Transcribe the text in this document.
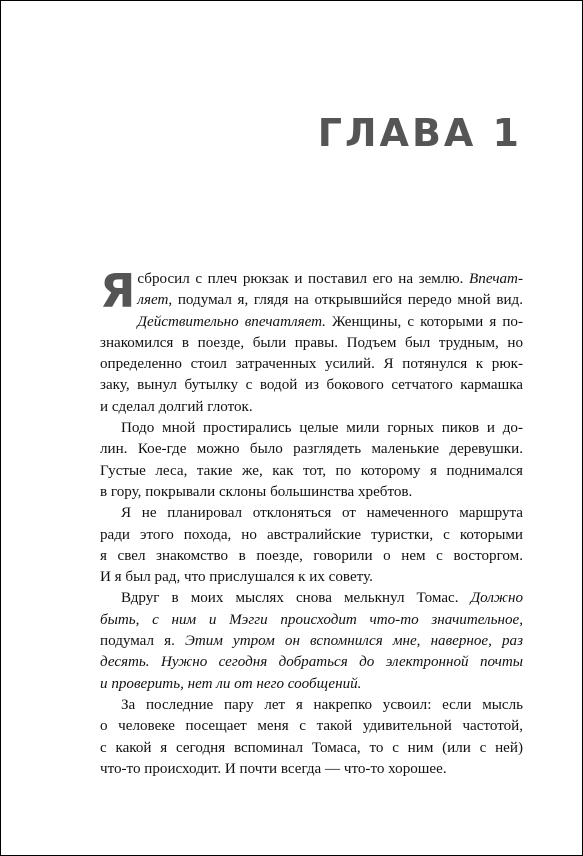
ГЛАВА 1
Я сбросил с плеч рюкзак и поставил его на землю. Впечат-
ляет, подумал я, глядя на открывшийся передо мной вид.
Действительно впечатляет. Женщины, с которыми я по-
знакомился в поезде, были правы. Подъем был трудным, но
определенно стоил затраченных усилий. Я потянулся к рюк-
заку, вынул бутылку с водой из бокового сетчатого кармашка
и сделал долгий глоток.
Подо мной простирались целые мили горных пиков и до-
лин. Кое-где можно было разглядеть маленькие деревушки.
Густые леса, такие же, как тот, по которому я поднимался
в гору, покрывали склоны большинства хребтов.
Я не планировал отклоняться от намеченного маршрута
ради этого похода, но австралийские туристки, с которыми
я свел знакомство в поезде, говорили о нем с восторгом.
И я был рад, что прислушался к их совету.
Вдруг в моих мыслях снова мелькнул Томас. Должно
быть, с ним и Мэгги происходит что-то значительное,
подумал я. Этим утром он вспомнился мне, наверное, раз
десять. Нужно сегодня добраться до электронной почты
и проверить, нет ли от него сообщений.
За последние пару лет я накрепко усвоил: если мысль
о человеке посещает меня с такой удивительной частотой,
с какой я сегодня вспоминал Томаса, то с ним (или с ней)
что-то происходит. И почти всегда — что-то хорошее.
